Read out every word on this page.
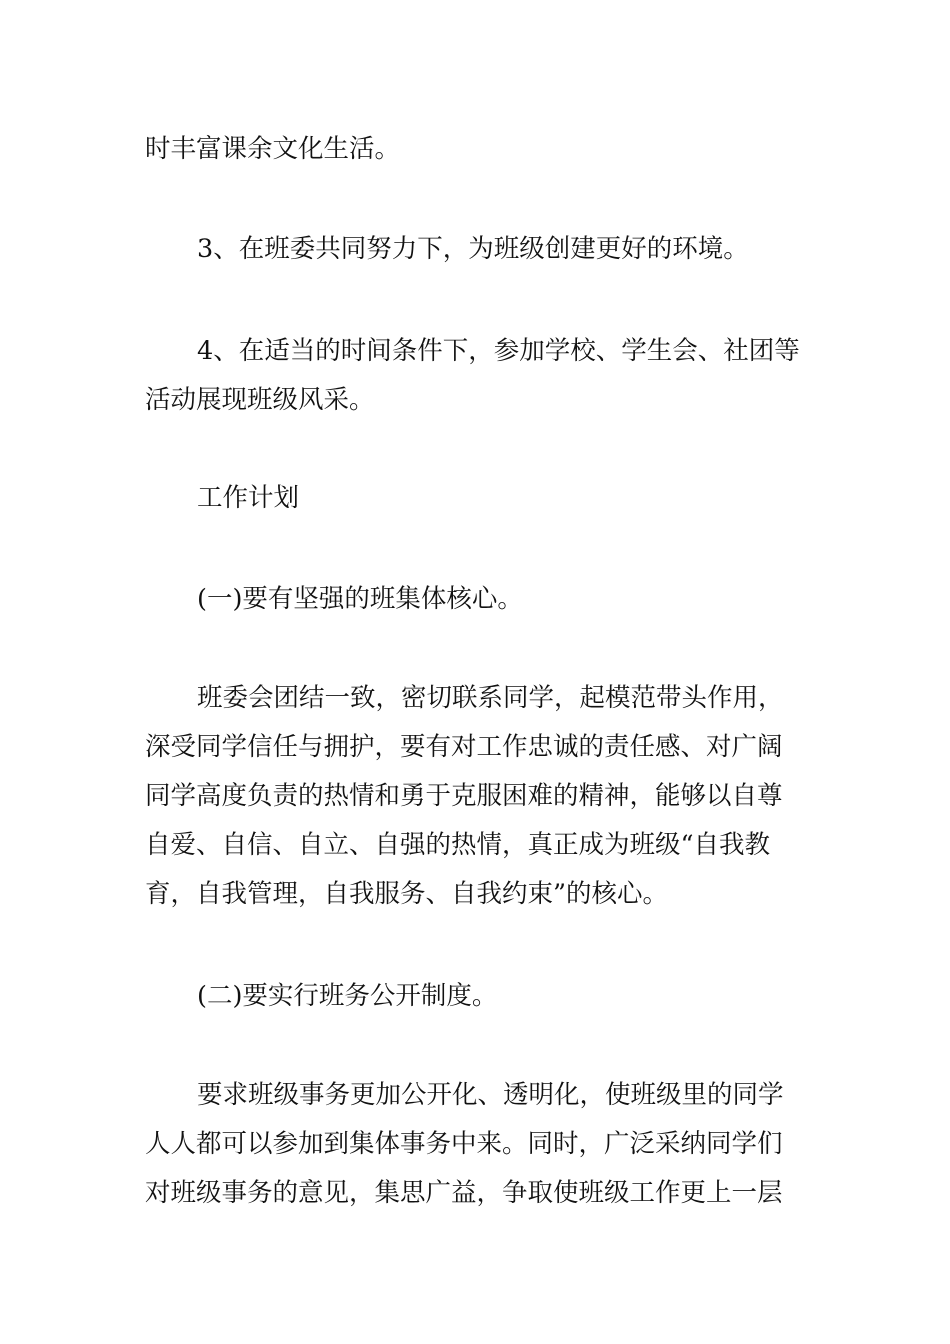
时丰富课余文化生活。
3、在班委共同努力下，为班级创建更好的环境。
4、在适当的时间条件下，参加学校、学生会、社团等
活动展现班级风采。
工作计划
(一)要有坚强的班集体核心。
班委会团结一致，密切联系同学，起模范带头作用，
深受同学信任与拥护，要有对工作忠诚的责任感、对广阔
同学高度负责的热情和勇于克服困难的精神，能够以自尊
自爱、自信、自立、自强的热情，真正成为班级“自我教
育，自我管理，自我服务、自我约束”的核心。
(二)要实行班务公开制度。
要求班级事务更加公开化、透明化，使班级里的同学
人人都可以参加到集体事务中来。同时，广泛采纳同学们
对班级事务的意见，集思广益，争取使班级工作更上一层
